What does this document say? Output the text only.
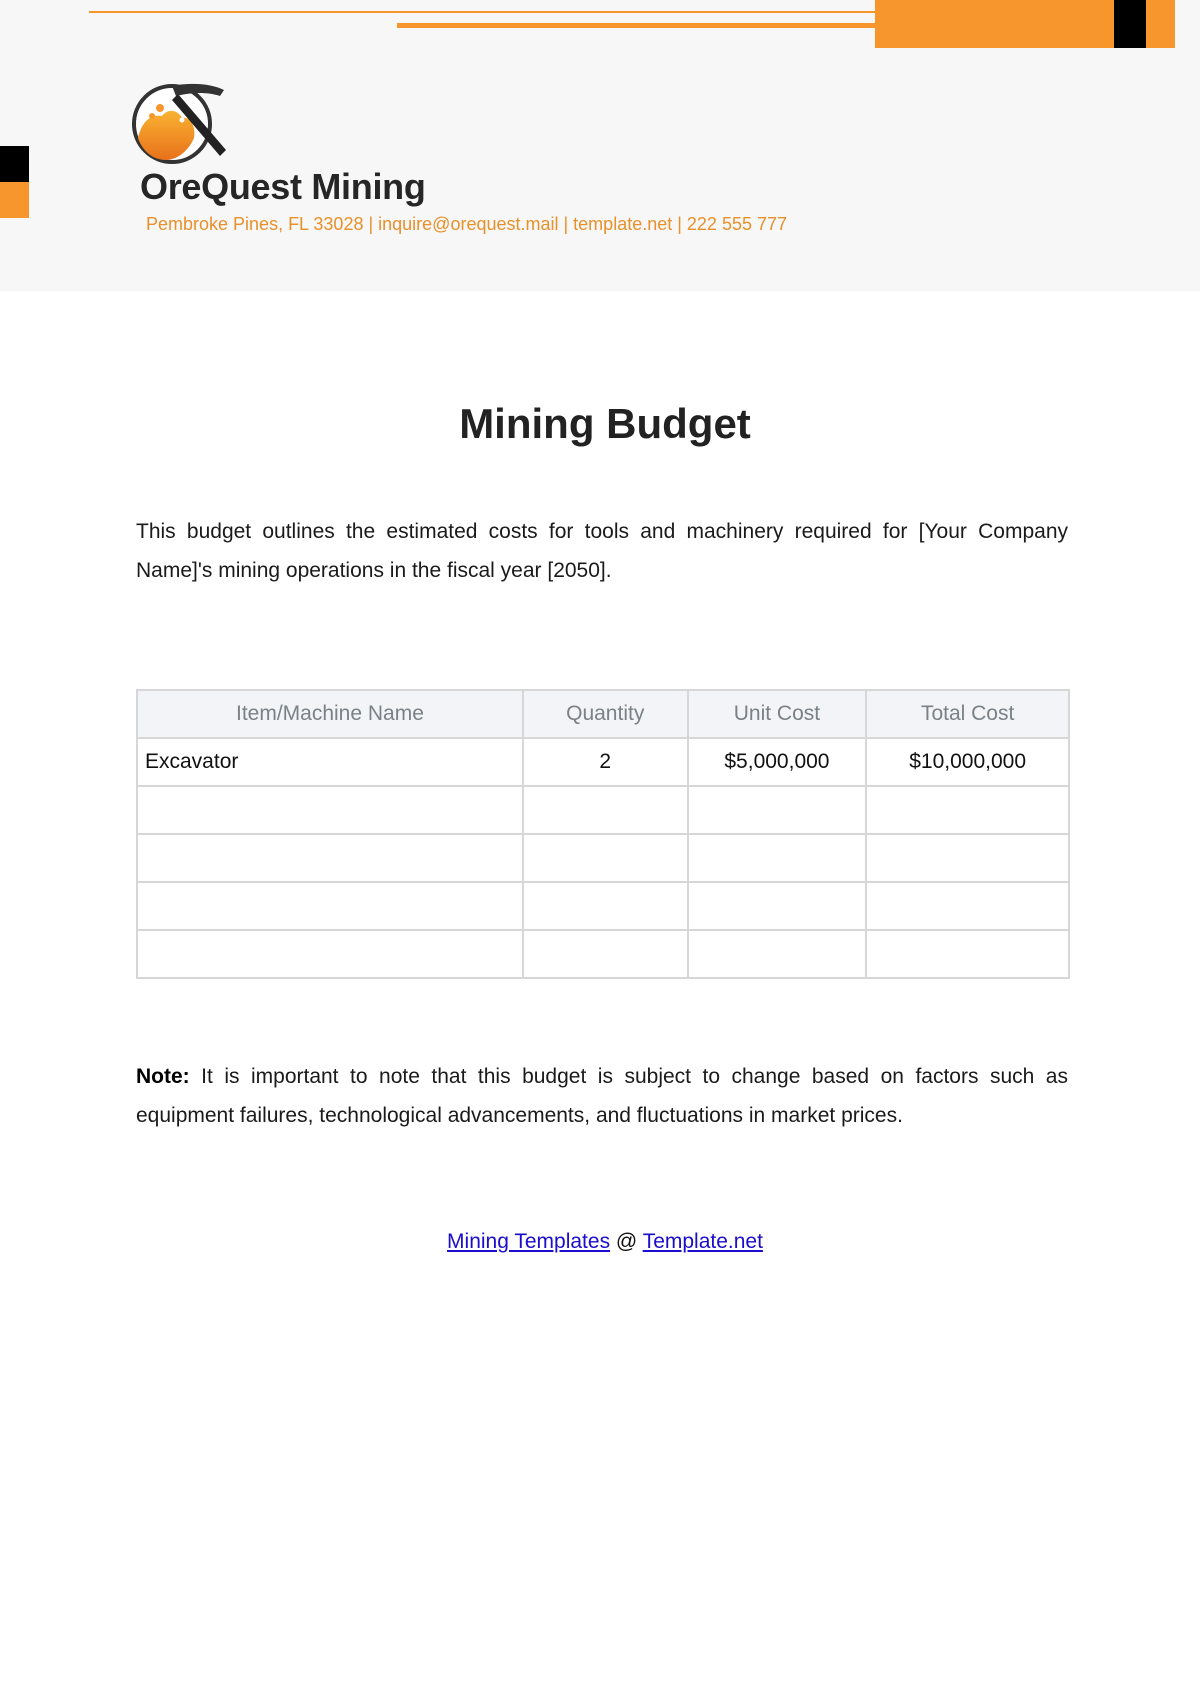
OreQuest Mining
Pembroke Pines, FL 33028 | inquire@orequest.mail | template.net | 222 555 777
Mining Budget
This budget outlines the estimated costs for tools and machinery required for [Your Company Name]'s mining operations in the fiscal year [2050].
Item/Machine Name	Quantity	Unit Cost	Total Cost
Excavator	2	$5,000,000	$10,000,000

Note: It is important to note that this budget is subject to change based on factors such as equipment failures, technological advancements, and fluctuations in market prices.
Mining Templates @ Template.net
